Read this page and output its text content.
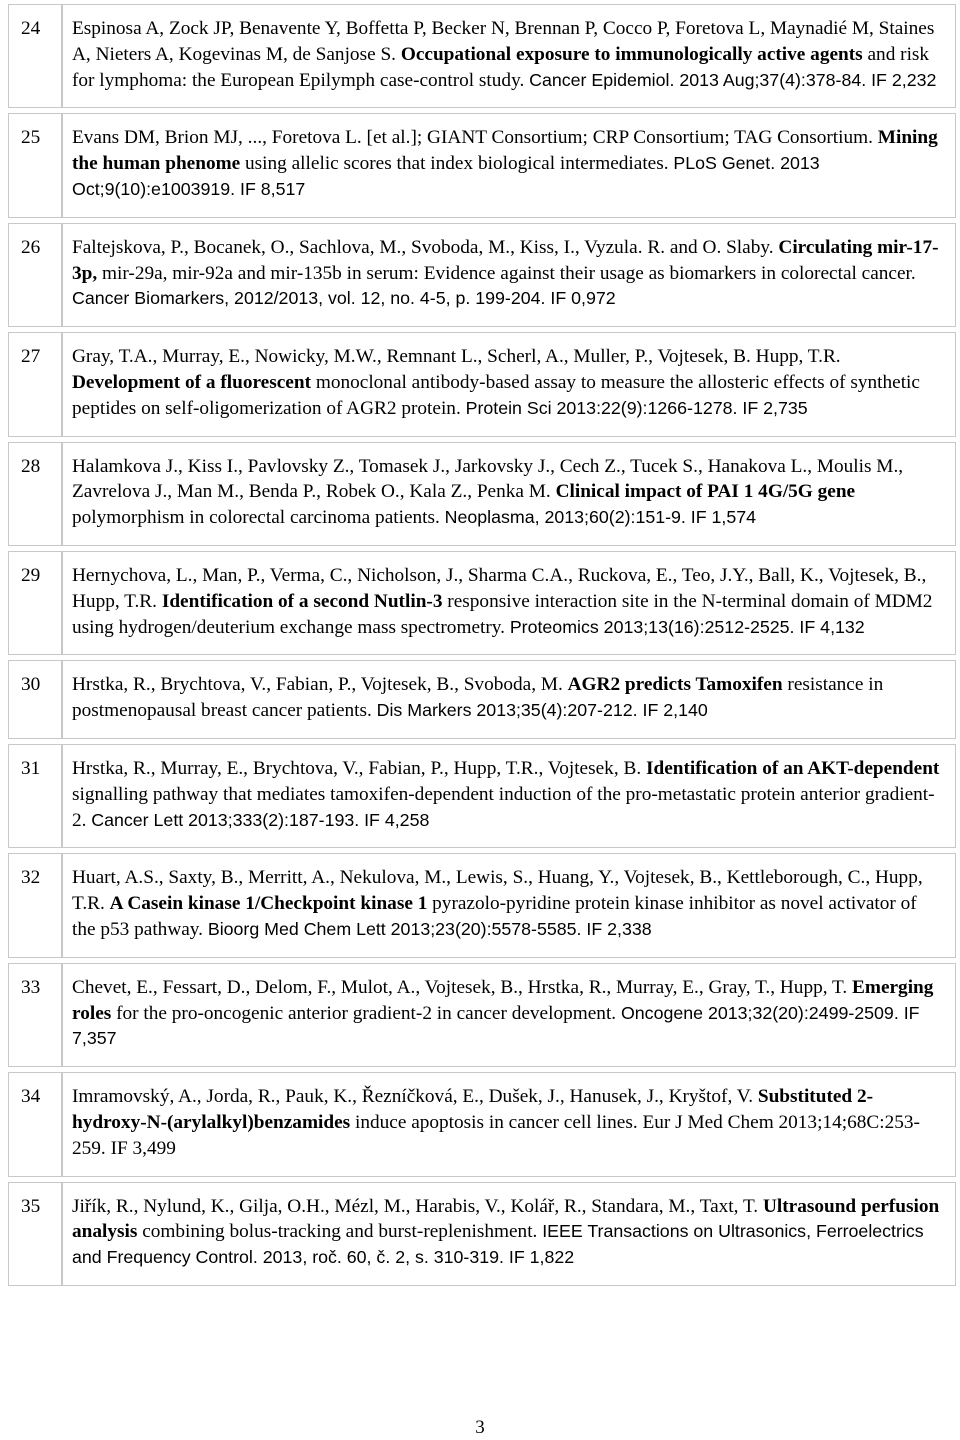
24	Espinosa A, Zock JP, Benavente Y, Boffetta P, Becker N, Brennan P, Cocco P, Foretova L, Maynadié M, Staines A, Nieters A, Kogevinas M, de Sanjose S. Occupational exposure to immunologically active agents and risk for lymphoma: the European Epilymph case-control study. Cancer Epidemiol. 2013 Aug;37(4):378-84. IF 2,232

25	Evans DM, Brion MJ, ..., Foretova L. [et al.]; GIANT Consortium; CRP Consortium; TAG Consortium. Mining the human phenome using allelic scores that index biological intermediates. PLoS Genet. 2013 Oct;9(10):e1003919. IF 8,517

26	Faltejskova, P., Bocanek, O., Sachlova, M., Svoboda, M., Kiss, I., Vyzula. R. and O. Slaby. Circulating mir-17-3p, mir-29a, mir-92a and mir-135b in serum: Evidence against their usage as biomarkers in colorectal cancer. Cancer Biomarkers, 2012/2013, vol. 12, no. 4-5, p. 199-204. IF 0,972

27	Gray, T.A., Murray, E., Nowicky, M.W., Remnant L., Scherl, A., Muller, P., Vojtesek, B. Hupp, T.R. Development of a fluorescent monoclonal antibody-based assay to measure the allosteric effects of synthetic peptides on self-oligomerization of AGR2 protein. Protein Sci 2013:22(9):1266-1278. IF 2,735

28	Halamkova J., Kiss I., Pavlovsky Z., Tomasek J., Jarkovsky J., Cech Z., Tucek S., Hanakova L., Moulis M., Zavrelova J., Man M., Benda P., Robek O., Kala Z., Penka M. Clinical impact of PAI 1 4G/5G gene polymorphism in colorectal carcinoma patients. Neoplasma, 2013;60(2):151-9. IF 1,574

29	Hernychova, L., Man, P., Verma, C., Nicholson, J., Sharma C.A., Ruckova, E., Teo, J.Y., Ball, K., Vojtesek, B., Hupp, T.R. Identification of a second Nutlin-3 responsive interaction site in the N-terminal domain of MDM2 using hydrogen/deuterium exchange mass spectrometry. Proteomics 2013;13(16):2512-2525. IF 4,132

30	Hrstka, R., Brychtova, V., Fabian, P., Vojtesek, B., Svoboda, M. AGR2 predicts Tamoxifen resistance in postmenopausal breast cancer patients. Dis Markers 2013;35(4):207-212. IF 2,140

31	Hrstka, R., Murray, E., Brychtova, V., Fabian, P., Hupp, T.R., Vojtesek, B. Identification of an AKT-dependent signalling pathway that mediates tamoxifen-dependent induction of the pro-metastatic protein anterior gradient-2. Cancer Lett 2013;333(2):187-193. IF 4,258

32	Huart, A.S., Saxty, B., Merritt, A., Nekulova, M., Lewis, S., Huang, Y., Vojtesek, B., Kettleborough, C., Hupp, T.R. A Casein kinase 1/Checkpoint kinase 1 pyrazolo-pyridine protein kinase inhibitor as novel activator of the p53 pathway. Bioorg Med Chem Lett 2013;23(20):5578-5585. IF 2,338

33	Chevet, E., Fessart, D., Delom, F., Mulot, A., Vojtesek, B., Hrstka, R., Murray, E., Gray, T., Hupp, T. Emerging roles for the pro-oncogenic anterior gradient-2 in cancer development. Oncogene 2013;32(20):2499-2509. IF 7,357

34	Imramovský, A., Jorda, R., Pauk, K., Řezníčková, E., Dušek, J., Hanusek, J., Kryštof, V. Substituted 2-hydroxy-N-(arylalkyl)benzamides induce apoptosis in cancer cell lines. Eur J Med Chem 2013;14;68C:253-259. IF 3,499

35	Jiřík, R., Nylund, K., Gilja, O.H., Mézl, M., Harabis, V., Kolář, R., Standara, M., Taxt, T. Ultrasound perfusion analysis combining bolus-tracking and burst-replenishment. IEEE Transactions on Ultrasonics, Ferroelectrics and Frequency Control. 2013, roč. 60, č. 2, s. 310-319. IF 1,822
3
